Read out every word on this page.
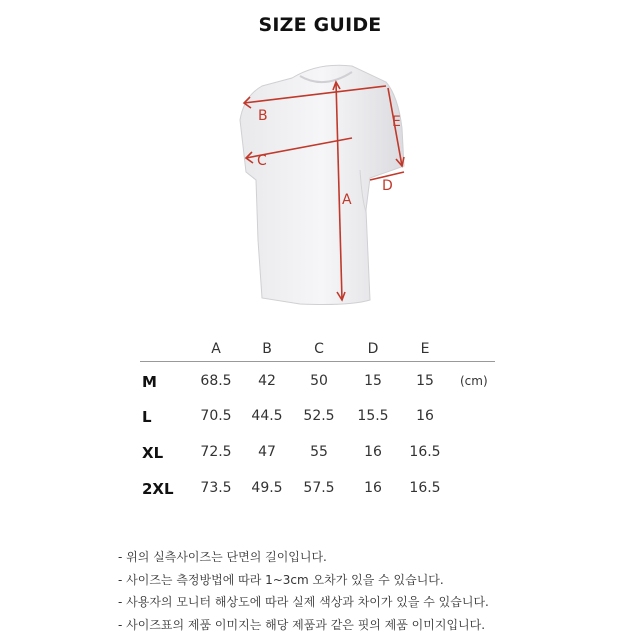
SIZE GUIDE
A
B
C
D
E
A	B	C	D	E
M	68.5	42	50	15	15	(cm)
L	70.5	44.5	52.5	15.5	16
XL	72.5	47	55	16	16.5
2XL	73.5	49.5	57.5	16	16.5
- 위의 실측사이즈는 단면의 길이입니다.
- 사이즈는 측정방법에 따라 1~3cm 오차가 있을 수 있습니다.
- 사용자의 모니터 해상도에 따라 실제 색상과 차이가 있을 수 있습니다.
- 사이즈표의 제품 이미지는 해당 제품과 같은 핏의 제품 이미지입니다.
